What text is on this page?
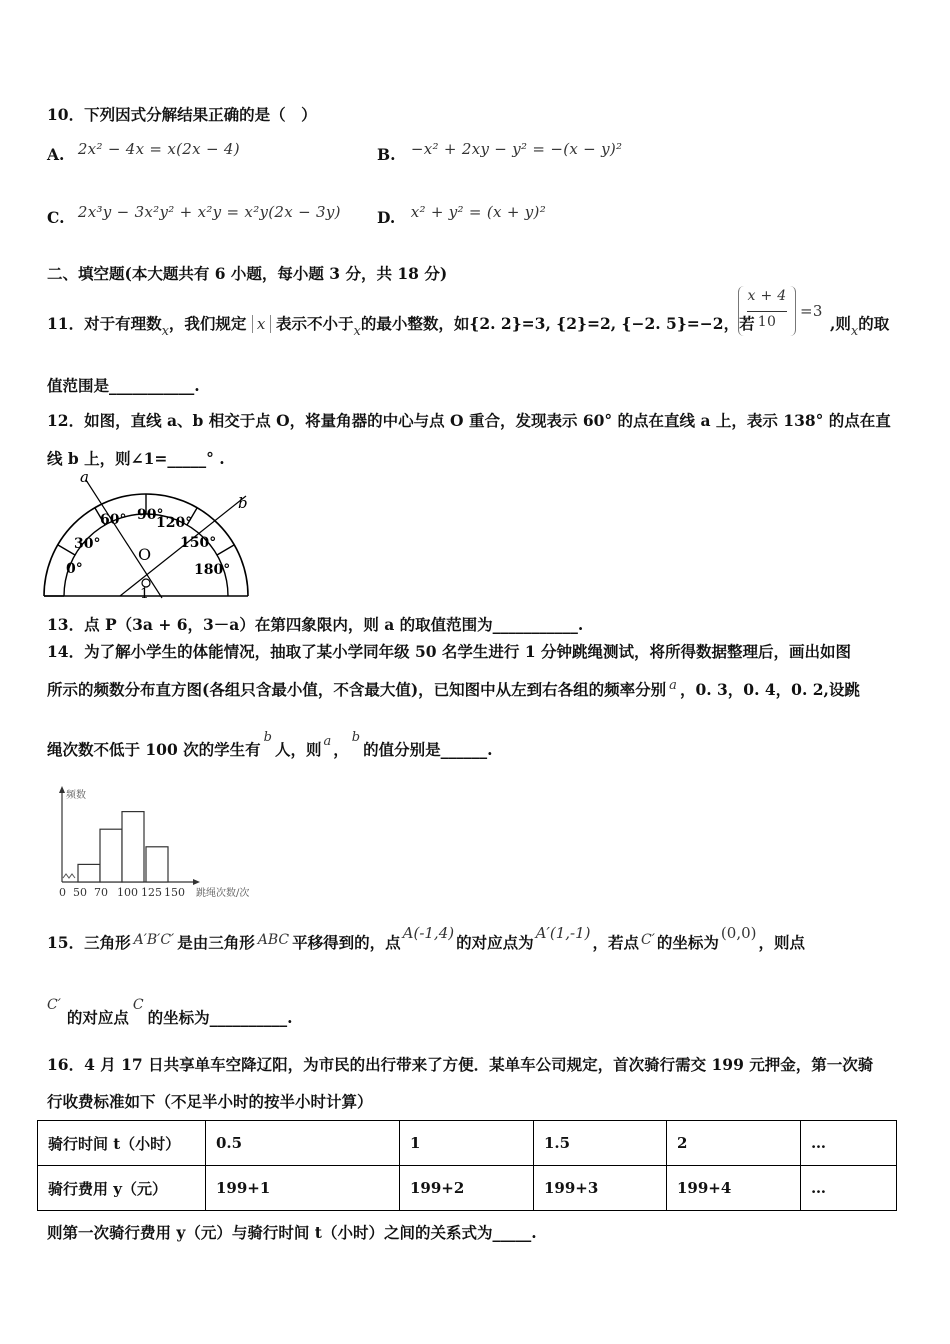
10．下列因式分解结果正确的是（　）
A. 2x² − 4x = x(2x − 4)	B. −x² + 2xy − y² = −(x − y)²
C. 2x³y − 3x²y² + x²y = x²y(2x − 3y) D. x² + y² = (x + y)²
二、填空题(本大题共有 6 小题，每小题 3 分，共 18 分)
11．对于有理数$_x$，我们规定 x 表示不小于$_x$的最小整数，如{2. 2}=3, {2}=2, {−2. 5}=−2，若
x + 4
10
=3
,则$_x$的取
值范围是___________.
12．如图，直线 a、b 相交于点 O，将量角器的中心与点 O 重合，发现表示 60° 的点在直线 a 上，表示 138° 的点在直
线 b 上，则∠1=_____° .
a
b
O
1
0°
30°
60° 90°
120°
150°
180°
13．点 P（3a + 6，3－a）在第四象限内，则 a 的取值范围为___________.
14．为了解小学生的体能情况，抽取了某小学同年级 50 名学生进行 1 分钟跳绳测试，将所得数据整理后，画出如图
所示的频数分布直方图(各组只含最小值，不含最大值)，已知图中从左到右各组的频率分别 $^a$ ，0. 3，0. 4，0. 2,设跳
绳次数不低于 100 次的学生有$^b$人，则 $^a$ ，$^b$的值分别是______.
频数
跳绳次数/次
0 50 70 100 125 150
15．三角形 A′B′C′ 是由三角形 ABC 平移得到的，点 A(-1,4) 的对应点为 A′(1,-1) ，若点 C′ 的坐标为 (0,0) ，则点
C′的对应点C的坐标为__________.
16．4 月 17 日共享单车空降辽阳，为市民的出行带来了方便．某单车公司规定，首次骑行需交 199 元押金，第一次骑
行收费标准如下（不足半小时的按半小时计算）
骑行时间 t（小时）	0.5	1	1.5	2	…
骑行费用 y（元）	199+1	199+2	199+3	199+4	…
则第一次骑行费用 y（元）与骑行时间 t（小时）之间的关系式为_____.
